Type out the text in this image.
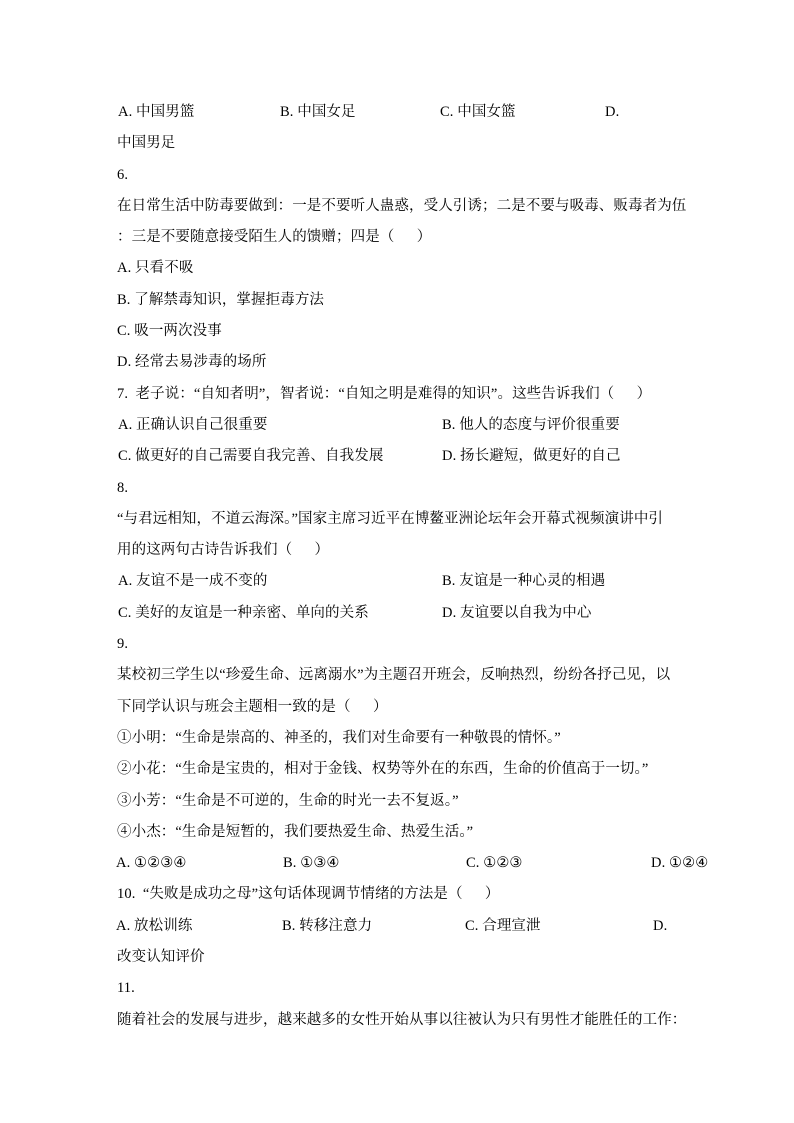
A. 中国男篮	B. 中国女足	C. 中国女篮	D.
中国男足
6.
在日常生活中防毒要做到：一是不要听人蛊惑，受人引诱；二是不要与吸毒、贩毒者为伍
：三是不要随意接受陌生人的馈赠；四是（      ）
A. 只看不吸
B. 了解禁毒知识，掌握拒毒方法
C. 吸一两次没事
D. 经常去易涉毒的场所
7.  老子说：“自知者明”，智者说：“自知之明是难得的知识”。这些告诉我们（      ）
A. 正确认识自己很重要	B. 他人的态度与评价很重要
C. 做更好的自己需要自我完善、自我发展	D. 扬长避短，做更好的自己
8.
“与君远相知，不道云海深。”国家主席习近平在博鳌亚洲论坛年会开幕式视频演讲中引
用的这两句古诗告诉我们（      ）
A. 友谊不是一成不变的	B. 友谊是一种心灵的相遇
C. 美好的友谊是一种亲密、单向的关系	D. 友谊要以自我为中心
9.
某校初三学生以“珍爱生命、远离溺水”为主题召开班会，反响热烈，纷纷各抒己见，以
下同学认识与班会主题相一致的是（      ）
①小明：“生命是崇高的、神圣的，我们对生命要有一种敬畏的情怀。”
②小花：“生命是宝贵的，相对于金钱、权势等外在的东西，生命的价值高于一切。”
③小芳：“生命是不可逆的，生命的时光一去不复返。”
④小杰：“生命是短暂的，我们要热爱生命、热爱生活。”
A. ①②③④	B. ①③④	C. ①②③	D. ①②④
10.  “失败是成功之母”这句话体现调节情绪的方法是（      ）
A. 放松训练	B. 转移注意力	C. 合理宣泄	D.
改变认知评价
11.
随着社会的发展与进步，越来越多的女性开始从事以往被认为只有男性才能胜任的工作：
